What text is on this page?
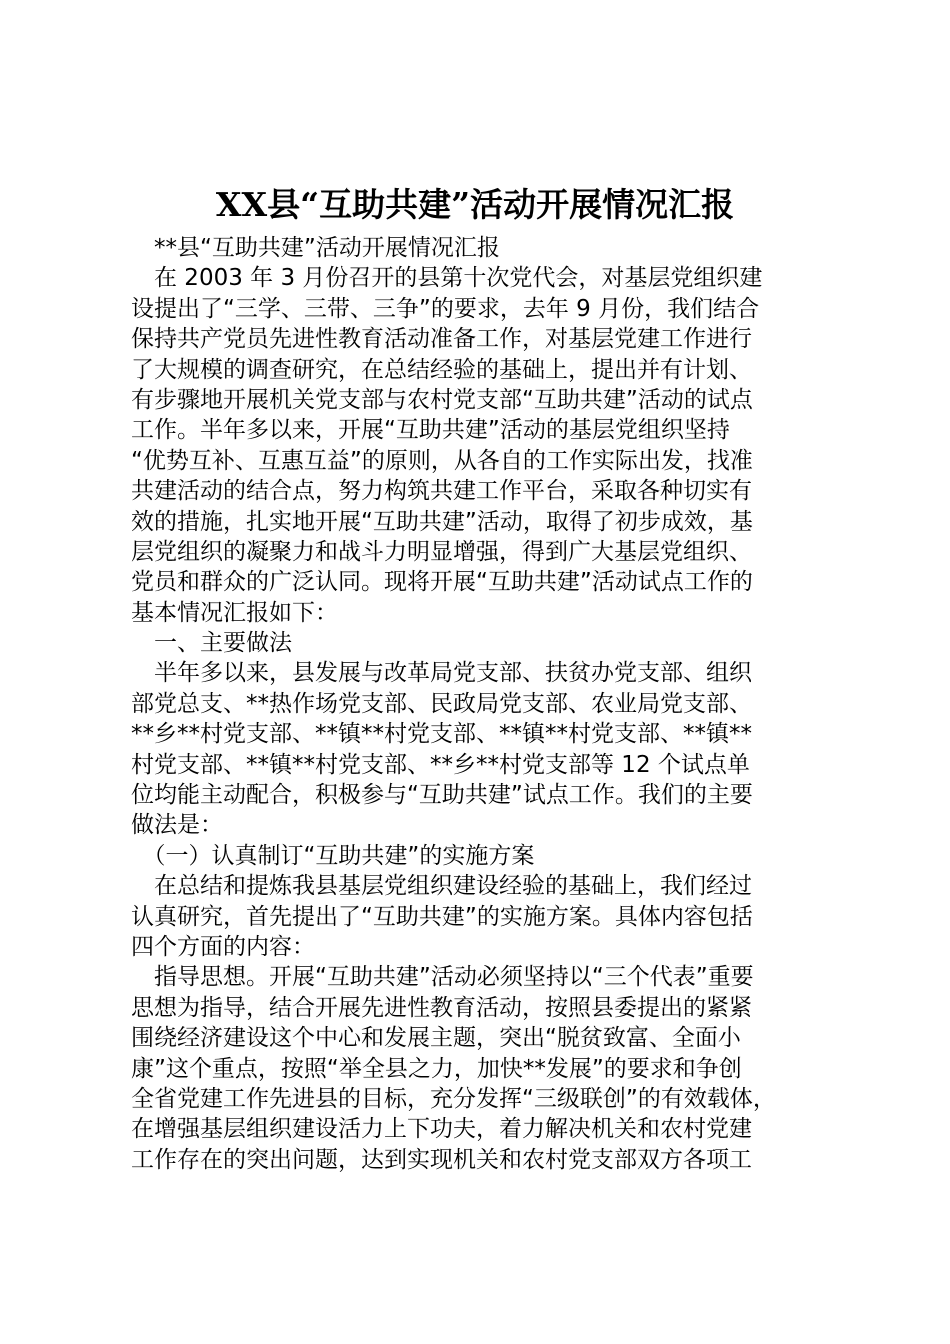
XX县“互助共建”活动开展情况汇报
　**县“互助共建”活动开展情况汇报
　在 2003 年 3 月份召开的县第十次党代会，对基层党组织建
设提出了“三学、三带、三争”的要求，去年 9 月份，我们结合
保持共产党员先进性教育活动准备工作，对基层党建工作进行
了大规模的调查研究，在总结经验的基础上，提出并有计划、
有步骤地开展机关党支部与农村党支部“互助共建”活动的试点
工作。半年多以来，开展“互助共建”活动的基层党组织坚持
“优势互补、互惠互益”的原则，从各自的工作实际出发，找准
共建活动的结合点，努力构筑共建工作平台，采取各种切实有
效的措施，扎实地开展“互助共建”活动，取得了初步成效，基
层党组织的凝聚力和战斗力明显增强，得到广大基层党组织、
党员和群众的广泛认同。现将开展“互助共建”活动试点工作的
基本情况汇报如下：
　一、主要做法
　半年多以来，县发展与改革局党支部、扶贫办党支部、组织
部党总支、**热作场党支部、民政局党支部、农业局党支部、
**乡**村党支部、**镇**村党支部、**镇**村党支部、**镇**
村党支部、**镇**村党支部、**乡**村党支部等 12 个试点单
位均能主动配合，积极参与“互助共建”试点工作。我们的主要
做法是：
　（一）认真制订“互助共建”的实施方案
　在总结和提炼我县基层党组织建设经验的基础上，我们经过
认真研究，首先提出了“互助共建”的实施方案。具体内容包括
四个方面的内容：
　指导思想。开展“互助共建”活动必须坚持以“三个代表”重要
思想为指导，结合开展先进性教育活动，按照县委提出的紧紧
围绕经济建设这个中心和发展主题，突出“脱贫致富、全面小
康”这个重点，按照“举全县之力，加快**发展”的要求和争创
全省党建工作先进县的目标，充分发挥“三级联创”的有效载体，
在增强基层组织建设活力上下功夫，着力解决机关和农村党建
工作存在的突出问题，达到实现机关和农村党支部双方各项工
